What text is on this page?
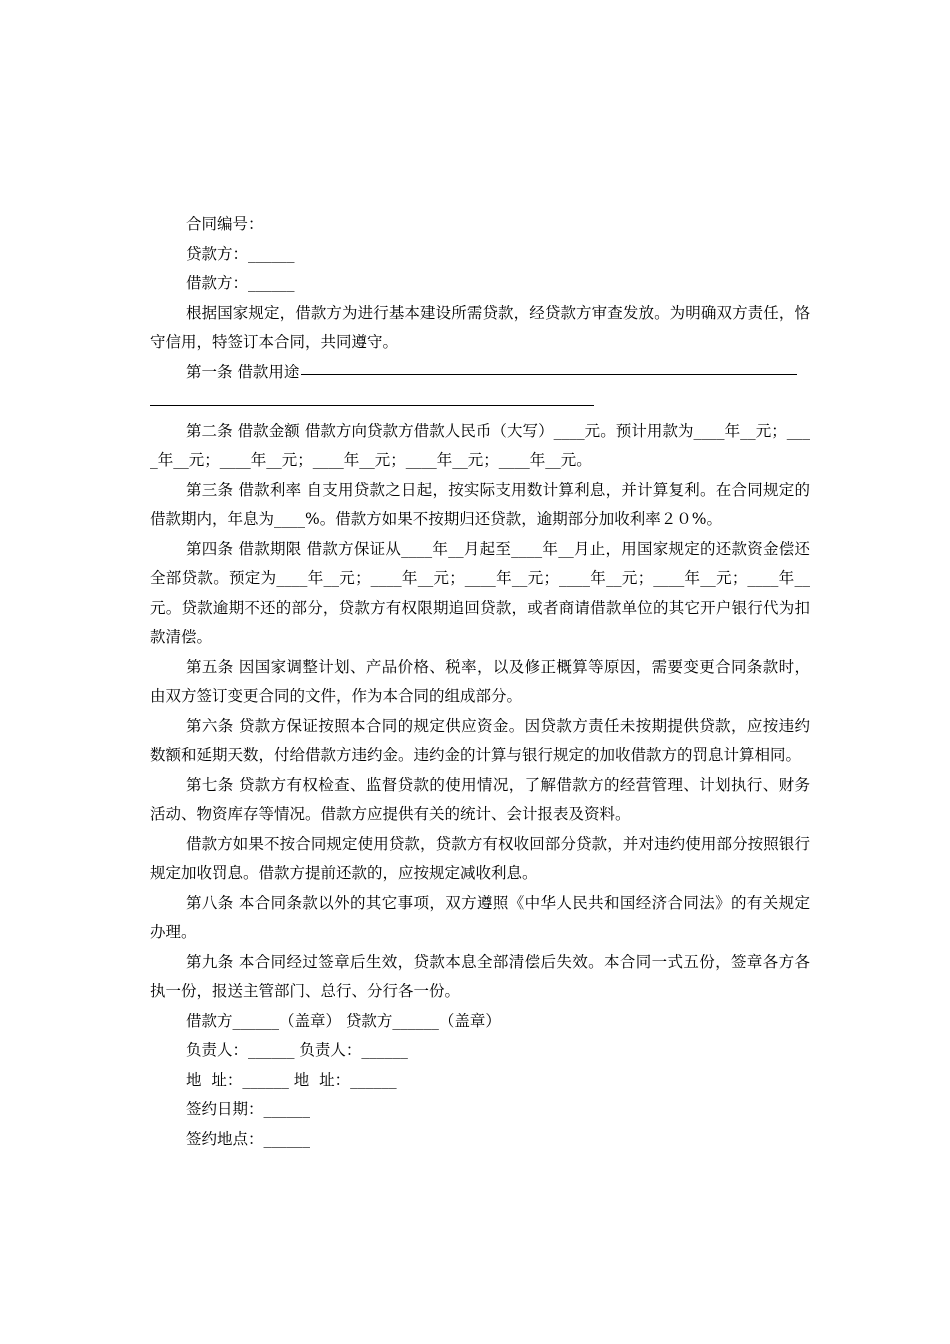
合同编号：

贷款方：______

借款方：______

根据国家规定，借款方为进行基本建设所需贷款，经贷款方审查发放。为明确双方责任，恪守信用，特签订本合同，共同遵守。

第一条 借款用途

第二条 借款金额 借款方向贷款方借款人民币（大写）____元。预计用款为____年__元；____年__元；____年__元；____年__元；____年__元；____年__元。

第三条 借款利率 自支用贷款之日起，按实际支用数计算利息，并计算复利。在合同规定的借款期内，年息为____%。借款方如果不按期归还贷款，逾期部分加收利率２０%。

第四条 借款期限 借款方保证从____年__月起至____年__月止，用国家规定的还款资金偿还全部贷款。预定为____年__元；____年__元；____年__元；____年__元；____年__元；____年__元。贷款逾期不还的部分，贷款方有权限期追回贷款，或者商请借款单位的其它开户银行代为扣款清偿。

第五条 因国家调整计划、产品价格、税率，以及修正概算等原因，需要变更合同条款时，由双方签订变更合同的文件，作为本合同的组成部分。

第六条 贷款方保证按照本合同的规定供应资金。因贷款方责任未按期提供贷款，应按违约数额和延期天数，付给借款方违约金。违约金的计算与银行规定的加收借款方的罚息计算相同。

第七条 贷款方有权检查、监督贷款的使用情况，了解借款方的经营管理、计划执行、财务活动、物资库存等情况。借款方应提供有关的统计、会计报表及资料。

借款方如果不按合同规定使用贷款，贷款方有权收回部分贷款，并对违约使用部分按照银行规定加收罚息。借款方提前还款的，应按规定减收利息。

第八条 本合同条款以外的其它事项，双方遵照《中华人民共和国经济合同法》的有关规定办理。

第九条 本合同经过签章后生效，贷款本息全部清偿后失效。本合同一式五份，签章各方各执一份，报送主管部门、总行、分行各一份。

借款方______（盖章） 贷款方______（盖章）

负责人：______ 负责人：______

地  址：______ 地  址：______

签约日期：______

签约地点：______
